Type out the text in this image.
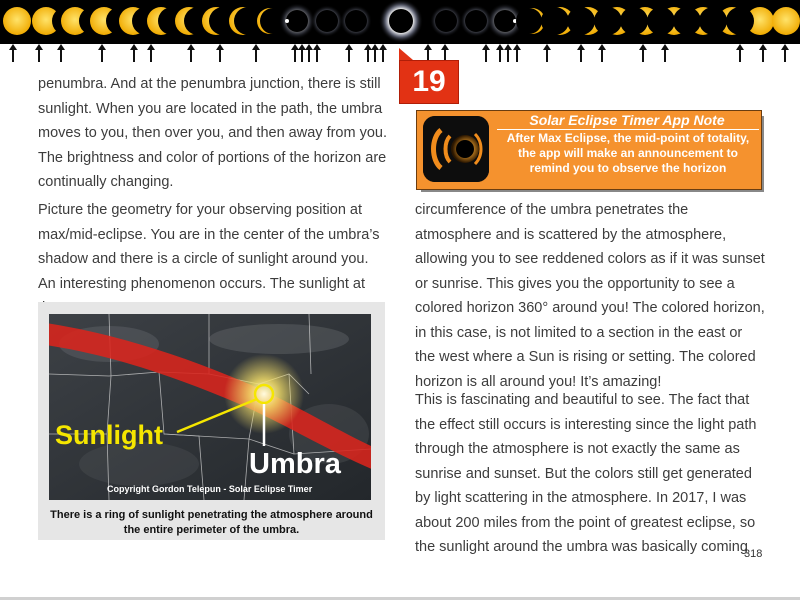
19

penumbra. And at the penumbra junction, there is still sunlight. When you are located in the path, the umbra moves to you, then over you, and then away from you. The brightness and color of portions of the horizon are continually changing.

Picture the geometry for your observing position at max/mid-eclipse. You are in the center of the umbra’s shadow and there is a circle of sunlight around you. An interesting phenomenon occurs. The sunlight at

Sunlight
Umbra
Copyright Gordon Telepun - Solar Eclipse Timer
There is a ring of sunlight penetrating the atmosphere around the entire perimeter of the umbra.
Solar Eclipse Timer App Note
After Max Eclipse, the mid-point of totality, the app will make an announcement to remind you to observe the horizon

circumference of the umbra penetrates the atmosphere and is scattered by the atmosphere, allowing you to see reddened colors as if it was sunset or sunrise. This gives you the opportunity to see a colored horizon 360° around you! The colored horizon, in this case, is not limited to a section in the east or the west where a Sun is rising or setting. The colored horizon is all around you! It’s amazing!

This is fascinating and beautiful to see. The fact that the effect still occurs is interesting since the light path through the atmosphere is not exactly the same as sunrise and sunset. But the colors still get generated by light scattering in the atmosphere. In 2017, I was about 200 miles from the point of greatest eclipse, so the sunlight around the umbra was basically coming

318
